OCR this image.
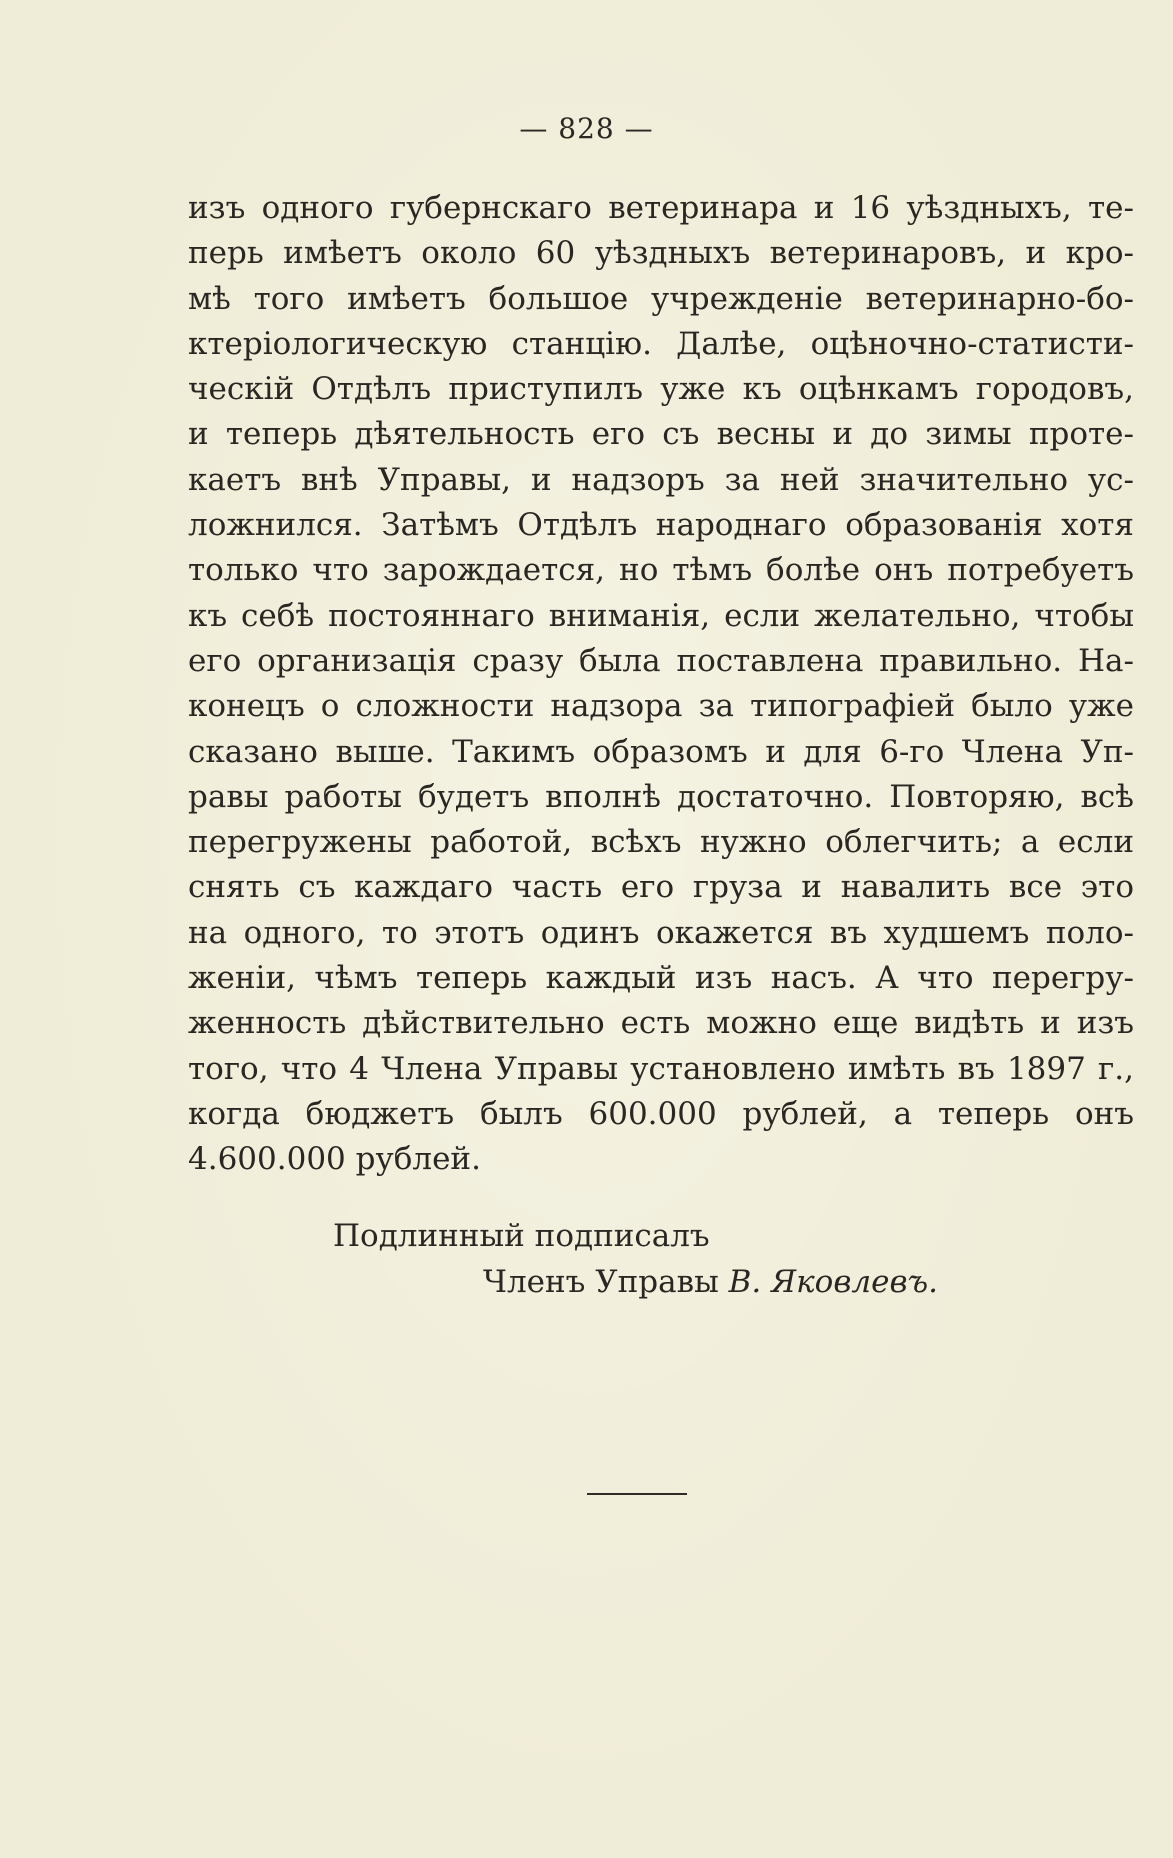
— 828 —
изъ одного губернскаго ветеринара и 16 уѣздныхъ, те-
перь имѣетъ около 60 уѣздныхъ ветеринаровъ, и кро-
мѣ того имѣетъ большое учрежденіе ветеринарно-бо-
ктеріологическую станцію. Далѣе, оцѣночно-статисти-
ческій Отдѣлъ приступилъ уже къ оцѣнкамъ городовъ,
и теперь дѣятельность его съ весны и до зимы проте-
каетъ внѣ Управы, и надзоръ за ней значительно ус-
ложнился. Затѣмъ Отдѣлъ народнаго образованія хотя
только что зарождается, но тѣмъ болѣе онъ потребуетъ
къ себѣ постояннаго вниманія, если желательно, чтобы
его организація сразу была поставлена правильно. На-
конецъ о сложности надзора за типографіей было уже
сказано выше. Такимъ образомъ и для 6-го Члена Уп-
равы работы будетъ вполнѣ достаточно. Повторяю, всѣ
перегружены работой, всѣхъ нужно облегчить; а если
снять съ каждаго часть его груза и навалить все это
на одного, то этотъ одинъ окажется въ худшемъ поло-
женіи, чѣмъ теперь каждый изъ насъ. А что перегру-
женность дѣйствительно есть можно еще видѣть и изъ
того, что 4 Члена Управы установлено имѣть въ 1897 г.,
когда бюджетъ былъ 600.000 рублей, а теперь онъ
4.600.000 рублей.
Подлинный подписалъ
Членъ Управы В. Яковлевъ.
